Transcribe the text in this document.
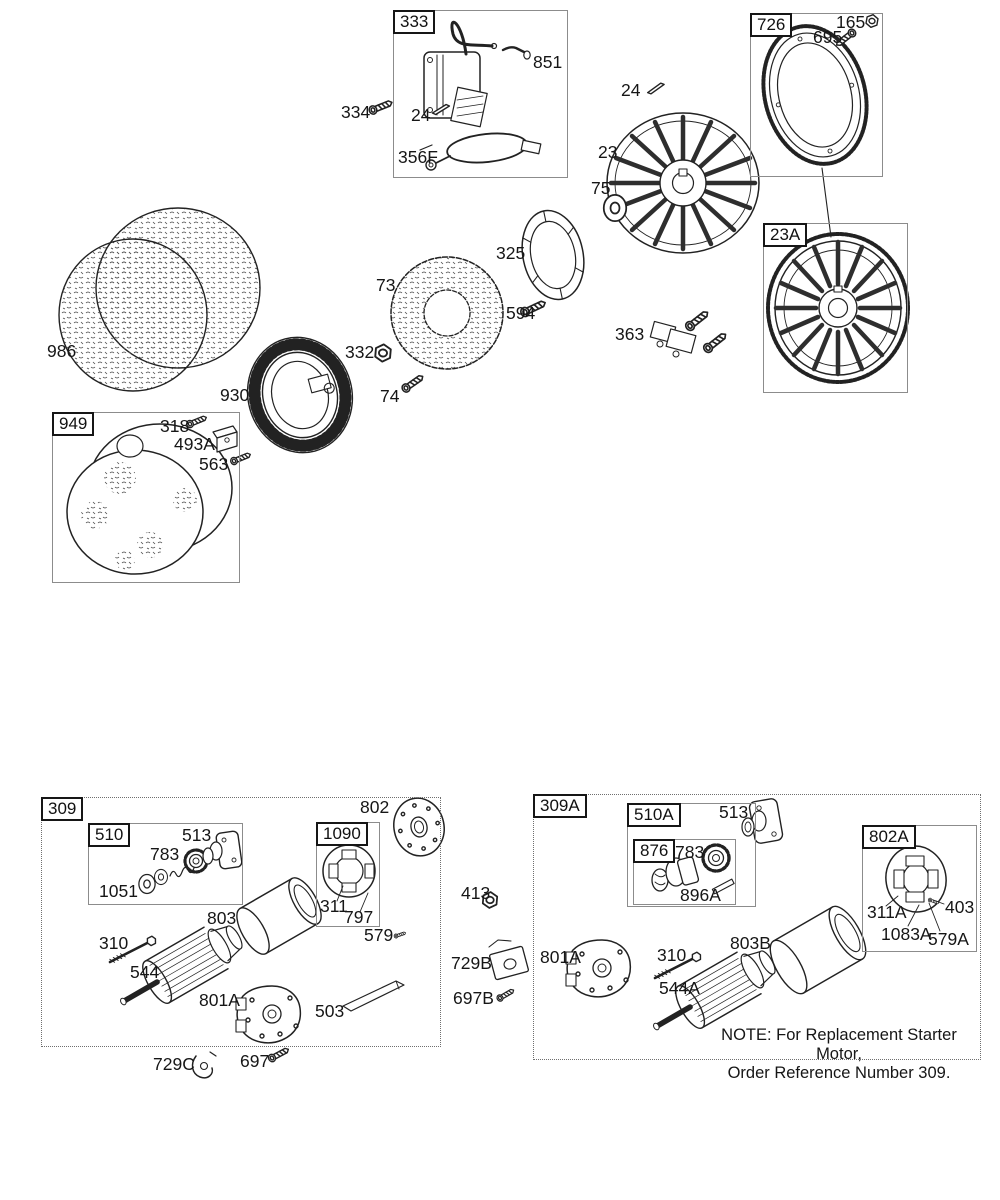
NOTE: For Replacement Starter Motor,
Order Reference Number 309.
333	726
23A
949
309
510	1090
309A	510A
876
802A
334
851
24
356F
165
695
24
23
75
325
73
594
363
986	332
930	74
318
493A
563
802
513
783
1051
803
310
544
801A
503
311
797
579
413
729B
697B
729C	697
513
783
896A
803B
801A	310
544A
311A 403
1083A
579A
